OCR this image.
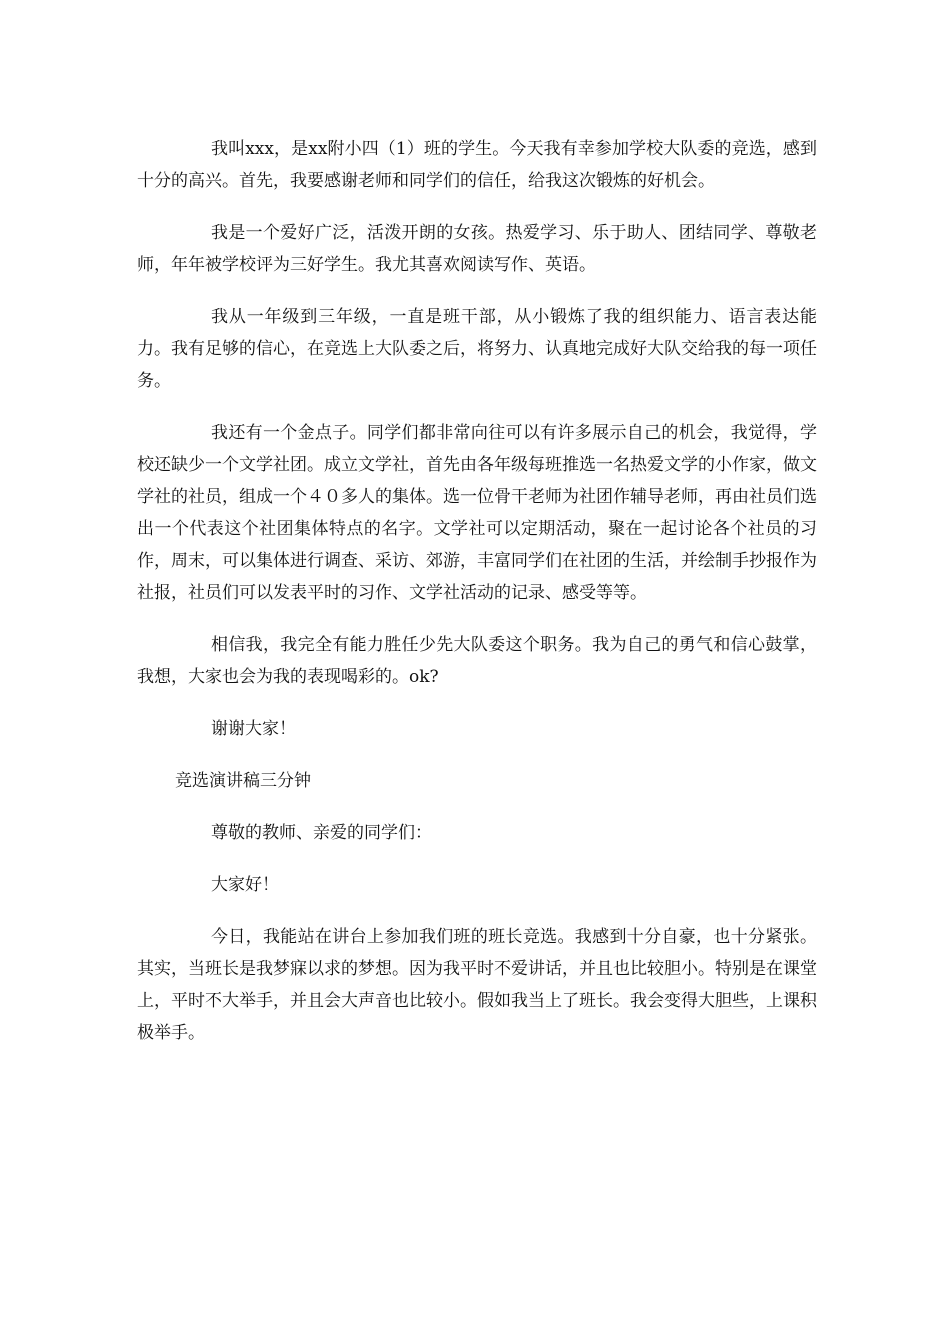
我叫xxx，是xx附小四（1）班的学生。今天我有幸参加学校大队委的竞选，感到十分的高兴。首先，我要感谢老师和同学们的信任，给我这次锻炼的好机会。

我是一个爱好广泛，活泼开朗的女孩。热爱学习、乐于助人、团结同学、尊敬老师，年年被学校评为三好学生。我尤其喜欢阅读写作、英语。

我从一年级到三年级，一直是班干部，从小锻炼了我的组织能力、语言表达能力。我有足够的信心，在竞选上大队委之后，将努力、认真地完成好大队交给我的每一项任务。

我还有一个金点子。同学们都非常向往可以有许多展示自己的机会，我觉得，学校还缺少一个文学社团。成立文学社，首先由各年级每班推选一名热爱文学的小作家，做文学社的社员，组成一个４０多人的集体。选一位骨干老师为社团作辅导老师，再由社员们选出一个代表这个社团集体特点的名字。文学社可以定期活动，聚在一起讨论各个社员的习作，周末，可以集体进行调查、采访、郊游，丰富同学们在社团的生活，并绘制手抄报作为社报，社员们可以发表平时的习作、文学社活动的记录、感受等等。

相信我，我完全有能力胜任少先大队委这个职务。我为自己的勇气和信心鼓掌，我想，大家也会为我的表现喝彩的。ok?

谢谢大家！

竞选演讲稿三分钟

尊敬的教师、亲爱的同学们：

大家好！

今日，我能站在讲台上参加我们班的班长竞选。我感到十分自豪，也十分紧张。其实，当班长是我梦寐以求的梦想。因为我平时不爱讲话，并且也比较胆小。特别是在课堂上，平时不大举手，并且会大声音也比较小。假如我当上了班长。我会变得大胆些，上课积极举手。
